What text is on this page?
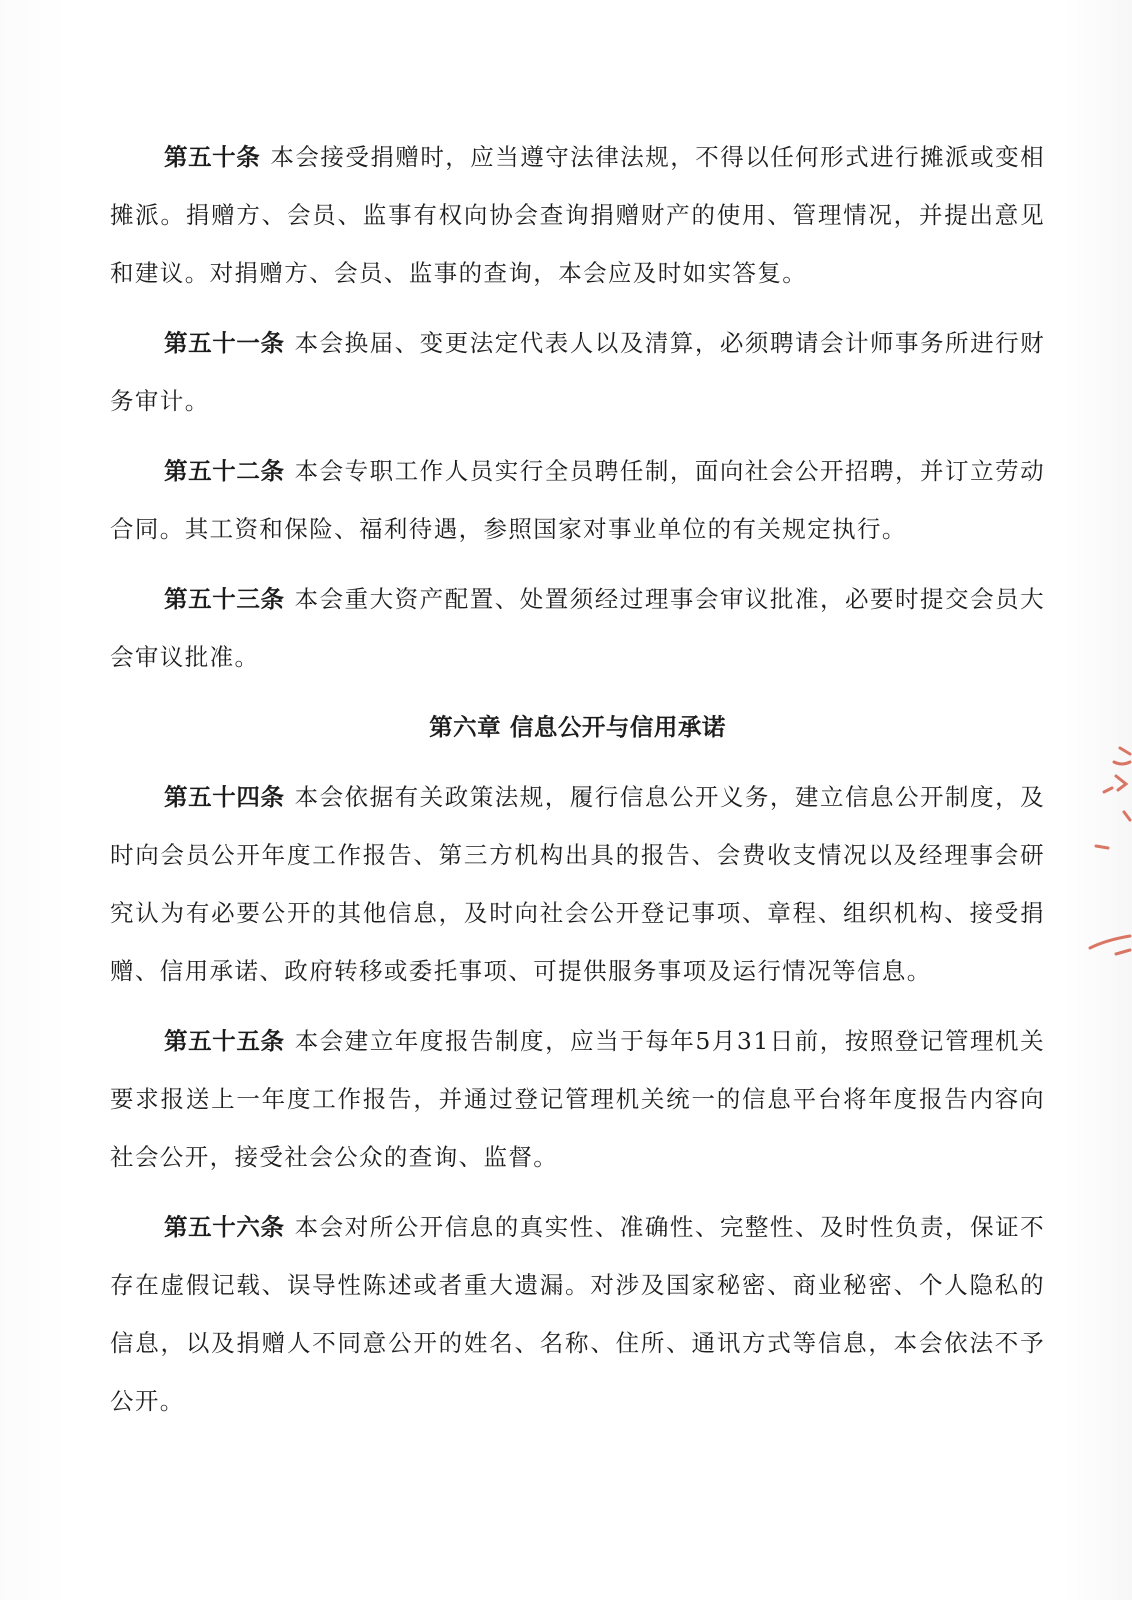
第五十条 本会接受捐赠时，应当遵守法律法规，不得以任何形式进行摊派或变相摊派。捐赠方、会员、监事有权向协会查询捐赠财产的使用、管理情况，并提出意见和建议。对捐赠方、会员、监事的查询，本会应及时如实答复。

第五十一条 本会换届、变更法定代表人以及清算，必须聘请会计师事务所进行财务审计。

第五十二条 本会专职工作人员实行全员聘任制，面向社会公开招聘，并订立劳动合同。其工资和保险、福利待遇，参照国家对事业单位的有关规定执行。

第五十三条 本会重大资产配置、处置须经过理事会审议批准，必要时提交会员大会审议批准。

第六章 信息公开与信用承诺

第五十四条 本会依据有关政策法规，履行信息公开义务，建立信息公开制度，及时向会员公开年度工作报告、第三方机构出具的报告、会费收支情况以及经理事会研究认为有必要公开的其他信息，及时向社会公开登记事项、章程、组织机构、接受捐赠、信用承诺、政府转移或委托事项、可提供服务事项及运行情况等信息。

第五十五条 本会建立年度报告制度，应当于每年5月31日前，按照登记管理机关要求报送上一年度工作报告，并通过登记管理机关统一的信息平台将年度报告内容向社会公开，接受社会公众的查询、监督。

第五十六条 本会对所公开信息的真实性、准确性、完整性、及时性负责，保证不存在虚假记载、误导性陈述或者重大遗漏。对涉及国家秘密、商业秘密、个人隐私的信息，以及捐赠人不同意公开的姓名、名称、住所、通讯方式等信息，本会依法不予公开。
